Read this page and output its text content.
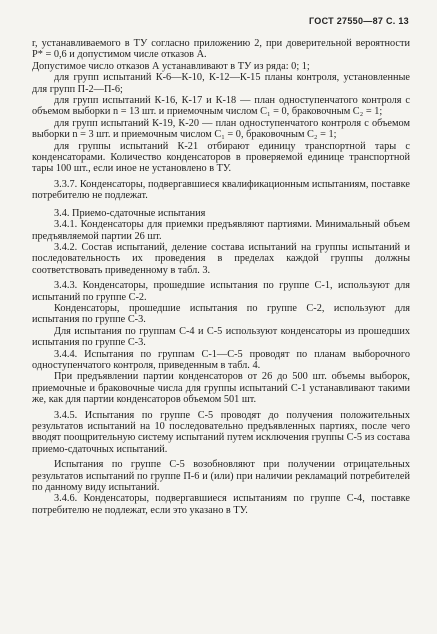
ГОСТ 27550—87 С. 13

r, устанавливаемого в ТУ согласно приложению 2, при доверительной вероятности P* = 0,6 и допустимом числе отказов А.

Допустимое число отказов А устанавливают в ТУ из ряда: 0; 1;

для групп испытаний К-6—К-10, К-12—К-15 планы контроля, установленные для групп П-2—П-6;

для групп испытаний К-16, К-17 и К-18 — план одноступенчатого контроля с объемом выборки n = 13 шт. и приемочным числом C₁ = 0, браковочным C₂ = 1;

для групп испытаний К-19, К-20 — план одноступенчатого контроля с объемом выборки n = 3 шт. и приемочным числом C₁ = 0, браковочным C₂ = 1;

для группы испытаний К-21 отбирают единицу транспортной тары с конденсаторами. Количество конденсаторов в проверяемой единице транспортной тары 100 шт., если иное не установлено в ТУ.

3.3.7. Конденсаторы, подвергавшиеся квалификационным испытаниям, поставке потребителю не подлежат.

3.4. Приемо-сдаточные испытания

3.4.1. Конденсаторы для приемки предъявляют партиями. Минимальный объем предъявляемой партии 26 шт.

3.4.2. Состав испытаний, деление состава испытаний на группы испытаний и последовательность их проведения в пределах каждой группы должны соответствовать приведенному в табл. 3.

3.4.3. Конденсаторы, прошедшие испытания по группе С-1, используют для испытаний по группе С-2.

Конденсаторы, прошедшие испытания по группе С-2, используют для испытания по группе С-3.

Для испытания по группам С-4 и С-5 используют конденсаторы из прошедших испытания по группе С-3.

3.4.4. Испытания по группам С-1—С-5 проводят по планам выборочного одноступенчатого контроля, приведенным в табл. 4.

При предъявлении партии конденсаторов от 26 до 500 шт. объемы выборок, приемочные и браковочные числа для группы испытаний С-1 устанавливают такими же, как для партии конденсаторов объемом 501 шт.

3.4.5. Испытания по группе С-5 проводят до получения положительных результатов испытаний на 10 последовательно предъявленных партиях, после чего вводят поощрительную систему испытаний путем исключения группы С-5 из состава приемо-сдаточных испытаний.

Испытания по группе С-5 возобновляют при получении отрицательных результатов испытаний по группе П-6 и (или) при наличии рекламаций потребителей по данному виду испытаний.

3.4.6. Конденсаторы, подвергавшиеся испытаниям по группе С-4, поставке потребителю не подлежат, если это указано в ТУ.
